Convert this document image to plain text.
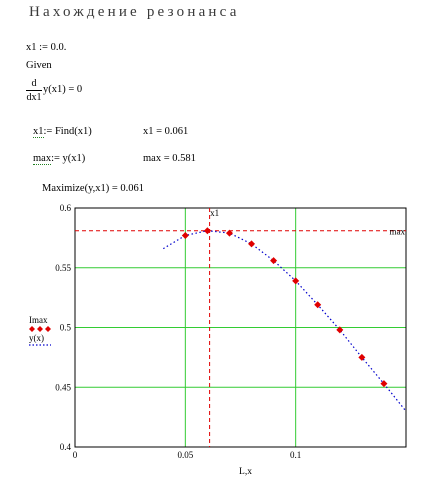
Нахождение резонанса
x1 := 0.0.
Given
d
dx1
y(x1) = 0
x1:= Find(x1)	x1 = 0.061
max:= y(x1)	max = 0.581
Maximize(y,x1) = 0.061
Imax
y(x)
0	0.05	0.1
0.4
0.45
0.5
0.55
0.6	x1
max
L,x
